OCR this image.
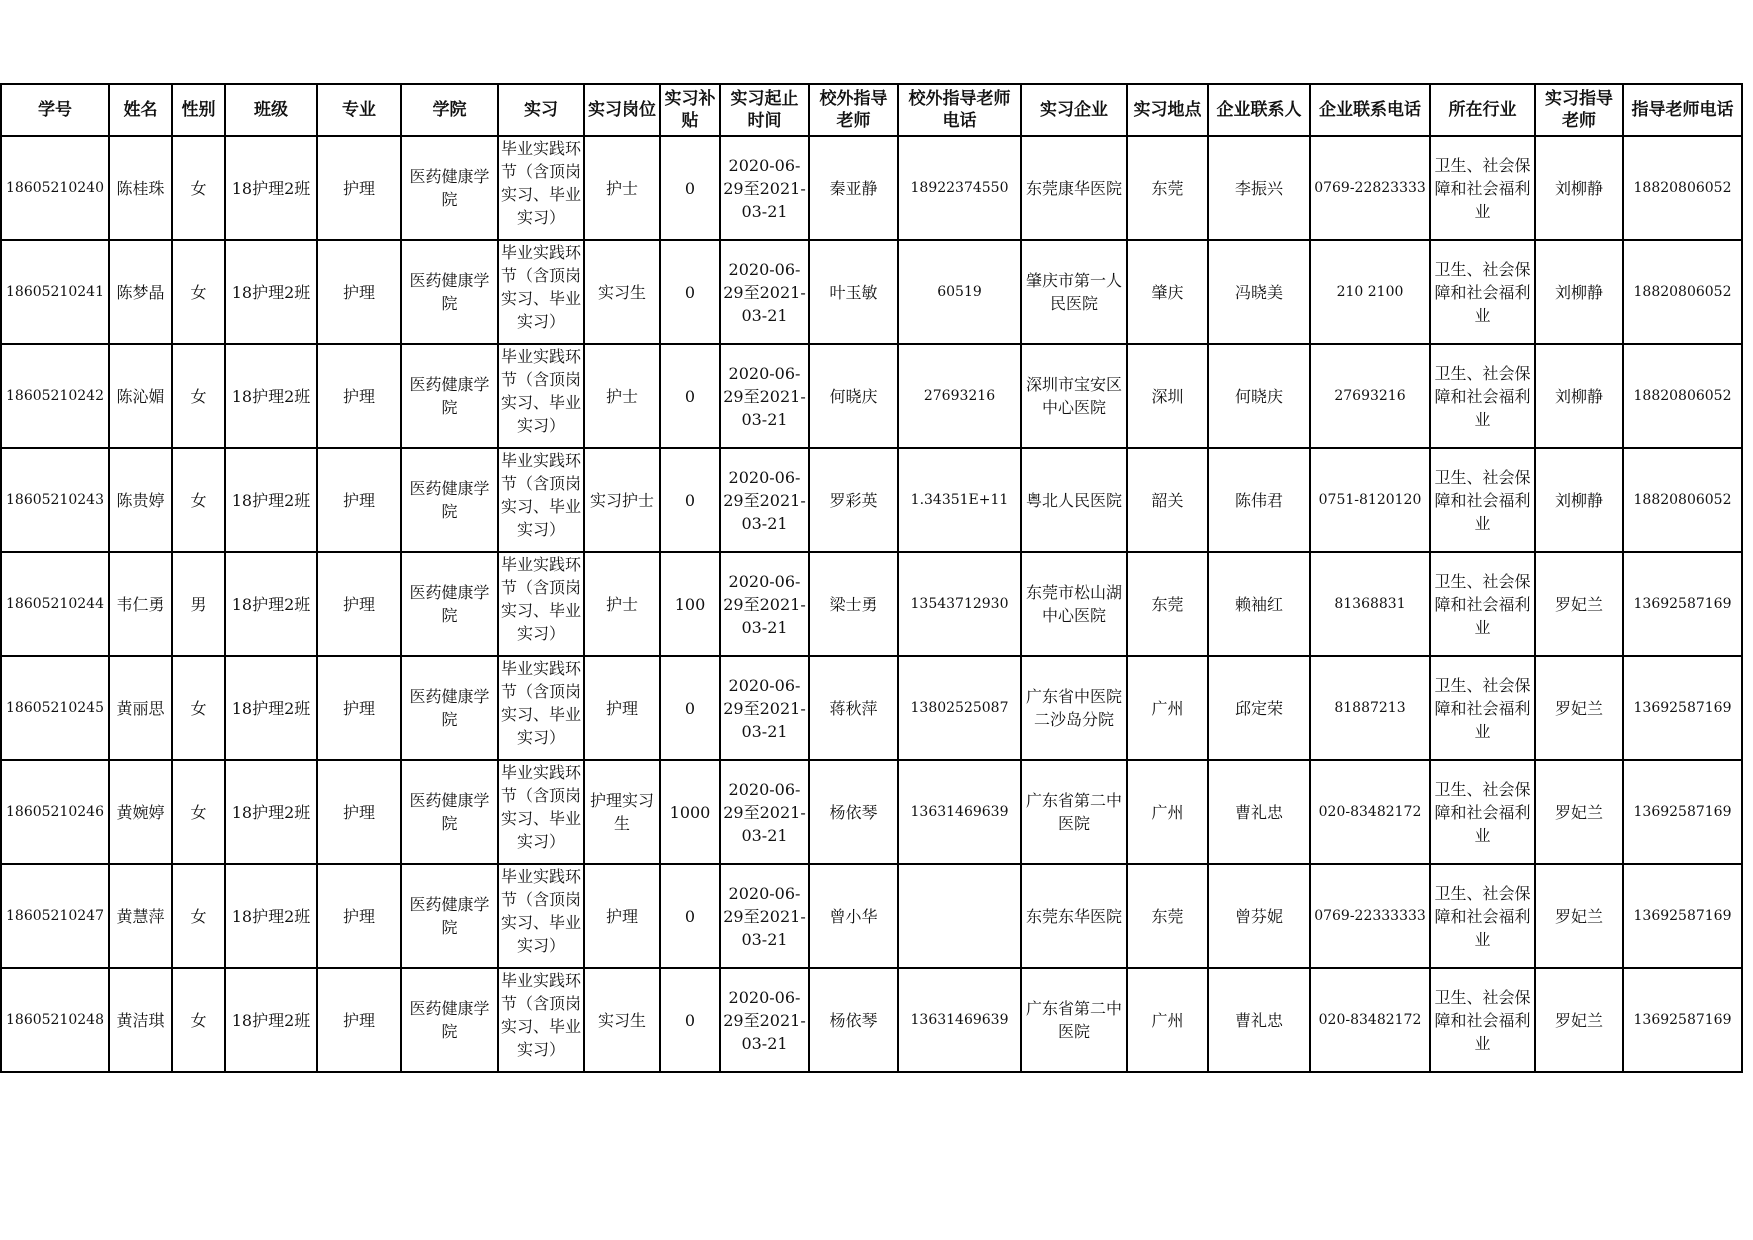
学号	姓名	性别	班级	专业	学院	实习	实习岗位	实习补贴	实习起止时间	校外指导老师	校外指导老师电话	实习企业	实习地点	企业联系人	企业联系电话	所在行业	实习指导老师	指导老师电话

18605210240	陈桂珠	女	18护理2班	护理	医药健康学院	毕业实践环节（含顶岗实习、毕业实习）	护士	0	2020-06-29至2021-03-21	秦亚静	18922374550	东莞康华医院	东莞	李振兴	0769-22823333	卫生、社会保障和社会福利业	刘柳静	18820806052

18605210241	陈梦晶	女	18护理2班	护理	医药健康学院	毕业实践环节（含顶岗实习、毕业实习）	实习生	0	2020-06-29至2021-03-21	叶玉敏	60519	肇庆市第一人民医院	肇庆	冯晓美	210 2100	卫生、社会保障和社会福利业	刘柳静	18820806052

18605210242	陈沁媚	女	18护理2班	护理	医药健康学院	毕业实践环节（含顶岗实习、毕业实习）	护士	0	2020-06-29至2021-03-21	何晓庆	27693216	深圳市宝安区中心医院	深圳	何晓庆	27693216	卫生、社会保障和社会福利业	刘柳静	18820806052

18605210243	陈贵婷	女	18护理2班	护理	医药健康学院	毕业实践环节（含顶岗实习、毕业实习）	实习护士	0	2020-06-29至2021-03-21	罗彩英	1.34351E+11	粤北人民医院	韶关	陈伟君	0751-8120120	卫生、社会保障和社会福利业	刘柳静	18820806052

18605210244	韦仁勇	男	18护理2班	护理	医药健康学院	毕业实践环节（含顶岗实习、毕业实习）	护士	100	2020-06-29至2021-03-21	梁士勇	13543712930	东莞市松山湖中心医院	东莞	赖袖红	81368831	卫生、社会保障和社会福利业	罗妃兰	13692587169

18605210245	黄丽思	女	18护理2班	护理	医药健康学院	毕业实践环节（含顶岗实习、毕业实习）	护理	0	2020-06-29至2021-03-21	蒋秋萍	13802525087	广东省中医院二沙岛分院	广州	邱定荣	81887213	卫生、社会保障和社会福利业	罗妃兰	13692587169

18605210246	黄婉婷	女	18护理2班	护理	医药健康学院	毕业实践环节（含顶岗实习、毕业实习）	护理实习生	1000	2020-06-29至2021-03-21	杨依琴	13631469639	广东省第二中医院	广州	曹礼忠	020-83482172	卫生、社会保障和社会福利业	罗妃兰	13692587169

18605210247	黄慧萍	女	18护理2班	护理	医药健康学院	毕业实践环节（含顶岗实习、毕业实习）	护理	0	2020-06-29至2021-03-21	曾小华		东莞东华医院	东莞	曾芬妮	0769-22333333	卫生、社会保障和社会福利业	罗妃兰	13692587169

18605210248	黄洁琪	女	18护理2班	护理	医药健康学院	毕业实践环节（含顶岗实习、毕业实习）	实习生	0	2020-06-29至2021-03-21	杨依琴	13631469639	广东省第二中医院	广州	曹礼忠	020-83482172	卫生、社会保障和社会福利业	罗妃兰	13692587169
